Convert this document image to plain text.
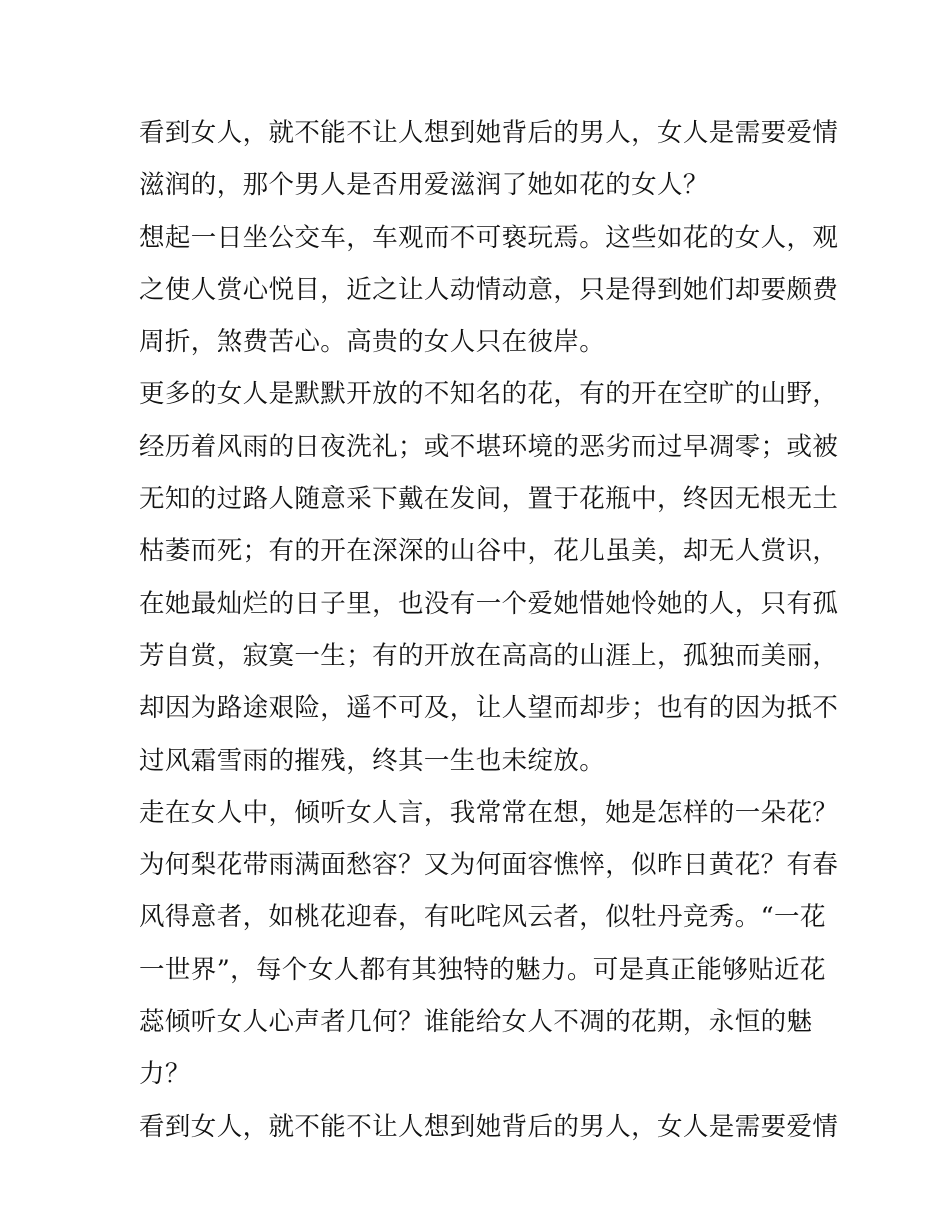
看到女人，就不能不让人想到她背后的男人，女人是需要爱情
滋润的，那个男人是否用爱滋润了她如花的女人？
想起一日坐公交车，车观而不可亵玩焉。这些如花的女人，观
之使人赏心悦目，近之让人动情动意，只是得到她们却要颇费
周折，煞费苦心。高贵的女人只在彼岸。
更多的女人是默默开放的不知名的花，有的开在空旷的山野，
经历着风雨的日夜洗礼；或不堪环境的恶劣而过早凋零；或被
无知的过路人随意采下戴在发间，置于花瓶中，终因无根无土
枯萎而死；有的开在深深的山谷中，花儿虽美，却无人赏识，
在她最灿烂的日子里，也没有一个爱她惜她怜她的人，只有孤
芳自赏，寂寞一生；有的开放在高高的山涯上，孤独而美丽，
却因为路途艰险，遥不可及，让人望而却步；也有的因为抵不
过风霜雪雨的摧残，终其一生也未绽放。
走在女人中，倾听女人言，我常常在想，她是怎样的一朵花？
为何梨花带雨满面愁容？又为何面容憔悴，似昨日黄花？有春
风得意者，如桃花迎春，有叱咤风云者，似牡丹竞秀。“一花
一世界”，每个女人都有其独特的魅力。可是真正能够贴近花
蕊倾听女人心声者几何？谁能给女人不凋的花期，永恒的魅
力？
看到女人，就不能不让人想到她背后的男人，女人是需要爱情
